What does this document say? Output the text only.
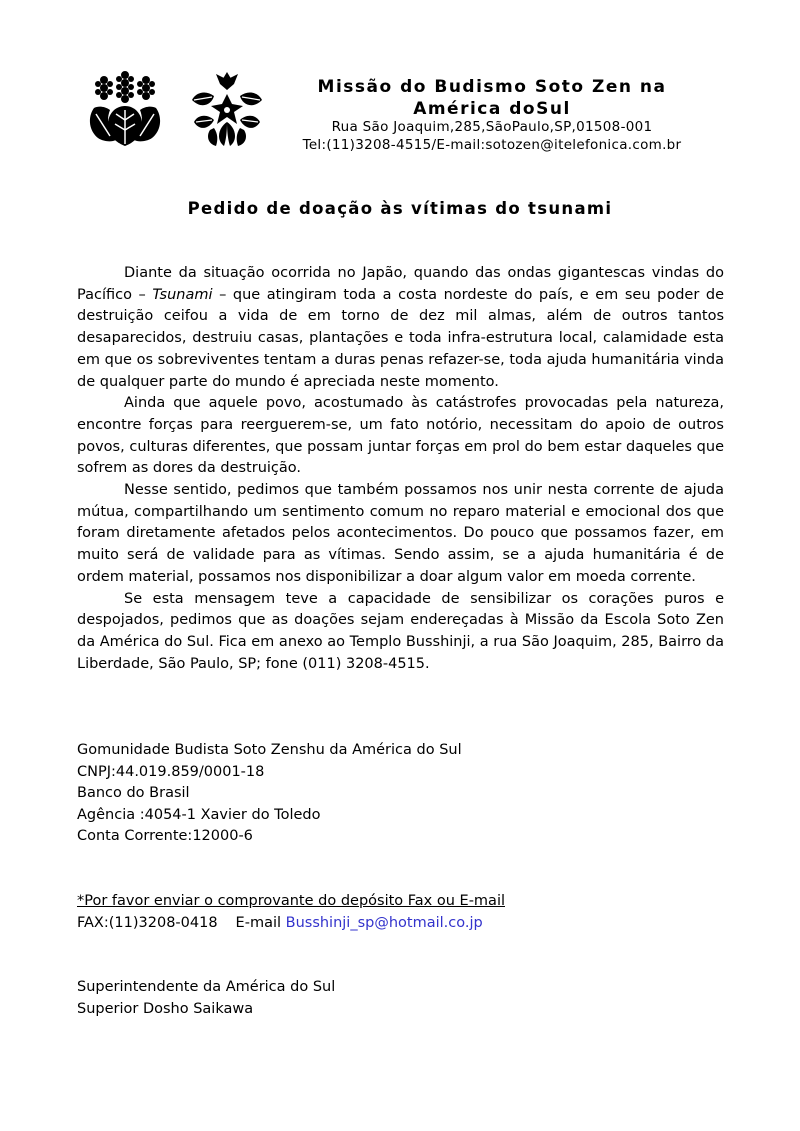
Missão do Budismo Soto Zen na América doSul
Rua São Joaquim,285,SãoPaulo,SP,01508-001
Tel:(11)3208-4515/E-mail:sotozen@itelefonica.com.br
Pedido de doação às vítimas do tsunami

Diante da situação ocorrida no Japão, quando das ondas gigantescas vindas do Pacífico – Tsunami – que atingiram toda a costa nordeste do país, e em seu poder de destruição ceifou a vida de em torno de dez mil almas, além de outros tantos desaparecidos, destruiu casas, plantações e toda infra-estrutura local, calamidade esta em que os sobreviventes tentam a duras penas refazer-se, toda ajuda humanitária vinda de qualquer parte do mundo é apreciada neste momento.

Ainda que aquele povo, acostumado às catástrofes provocadas pela natureza, encontre forças para reerguerem-se, um fato notório, necessitam do apoio de outros povos, culturas diferentes, que possam juntar forças em prol do bem estar daqueles que sofrem as dores da destruição.

Nesse sentido, pedimos que também possamos nos unir nesta corrente de ajuda mútua, compartilhando um sentimento comum no reparo material e emocional dos que foram diretamente afetados pelos acontecimentos. Do pouco que possamos fazer, em muito será de validade para as vítimas. Sendo assim, se a ajuda humanitária é de ordem material, possamos nos disponibilizar a doar algum valor em moeda corrente.

Se esta mensagem teve a capacidade de sensibilizar os corações puros e despojados, pedimos que as doações sejam endereçadas à Missão da Escola Soto Zen da América do Sul. Fica em anexo ao Templo Busshinji, a rua São Joaquim, 285, Bairro da Liberdade, São Paulo, SP; fone (011) 3208-4515.

Gomunidade Budista Soto Zenshu da América do Sul
CNPJ:44.019.859/0001-18
Banco do Brasil
Agência :4054-1 Xavier do Toledo
Conta Corrente:12000-6
*Por favor enviar o comprovante do depósito Fax ou E-mail
FAX:(11)3208-0418 E-mail Busshinji_sp@hotmail.co.jp
Superintendente da América do Sul
Superior Dosho Saikawa
